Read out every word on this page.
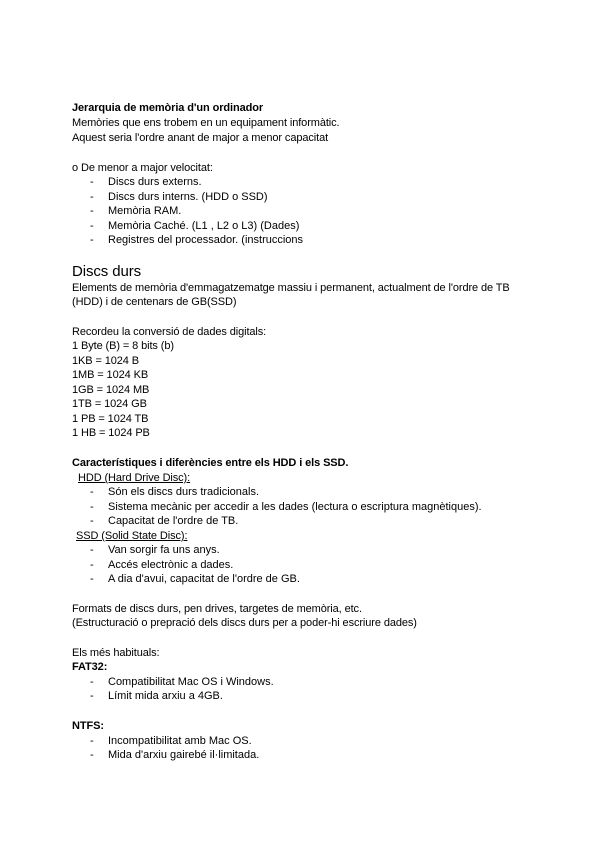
Jerarquia de memòria d'un ordinador
Memòries que ens trobem en un equipament informàtic.
Aquest seria l'ordre anant de major a menor capacitat
o De menor a major velocitat:
- Discs durs externs.
- Discs durs interns. (HDD o SSD)
- Memòria RAM.
- Memòria Caché. (L1 , L2 o L3) (Dades)
- Registres del processador. (instruccions
Discs durs
Elements de memòria d'emmagatzematge massiu i permanent, actualment de l'ordre de TB
(HDD) i de centenars de GB(SSD)
Recordeu la conversió de dades digitals:
1 Byte (B) = 8 bits (b)
1KB = 1024 B
1MB = 1024 KB
1GB = 1024 MB
1TB = 1024 GB
1 PB = 1024 TB
1 HB = 1024 PB
Característiques i diferències entre els HDD i els SSD.
HDD (Hard Drive Disc):
- Són els discs durs tradicionals.
- Sistema mecànic per accedir a les dades (lectura o escriptura magnètiques).
- Capacitat de l'ordre de TB.
SSD (Solid State Disc):
- Van sorgir fa uns anys.
- Accés electrònic a dades.
- A dia d'avui, capacitat de l'ordre de GB.
Formats de discs durs, pen drives, targetes de memòria, etc.
(Estructuració o prepració dels discs durs per a poder-hi escriure dades)
Els més habituals:
FAT32:
- Compatibilitat Mac OS i Windows.
- Límit mida arxiu a 4GB.
NTFS:
- Incompatibilitat amb Mac OS.
- Mida d'arxiu gairebé il·limitada.
